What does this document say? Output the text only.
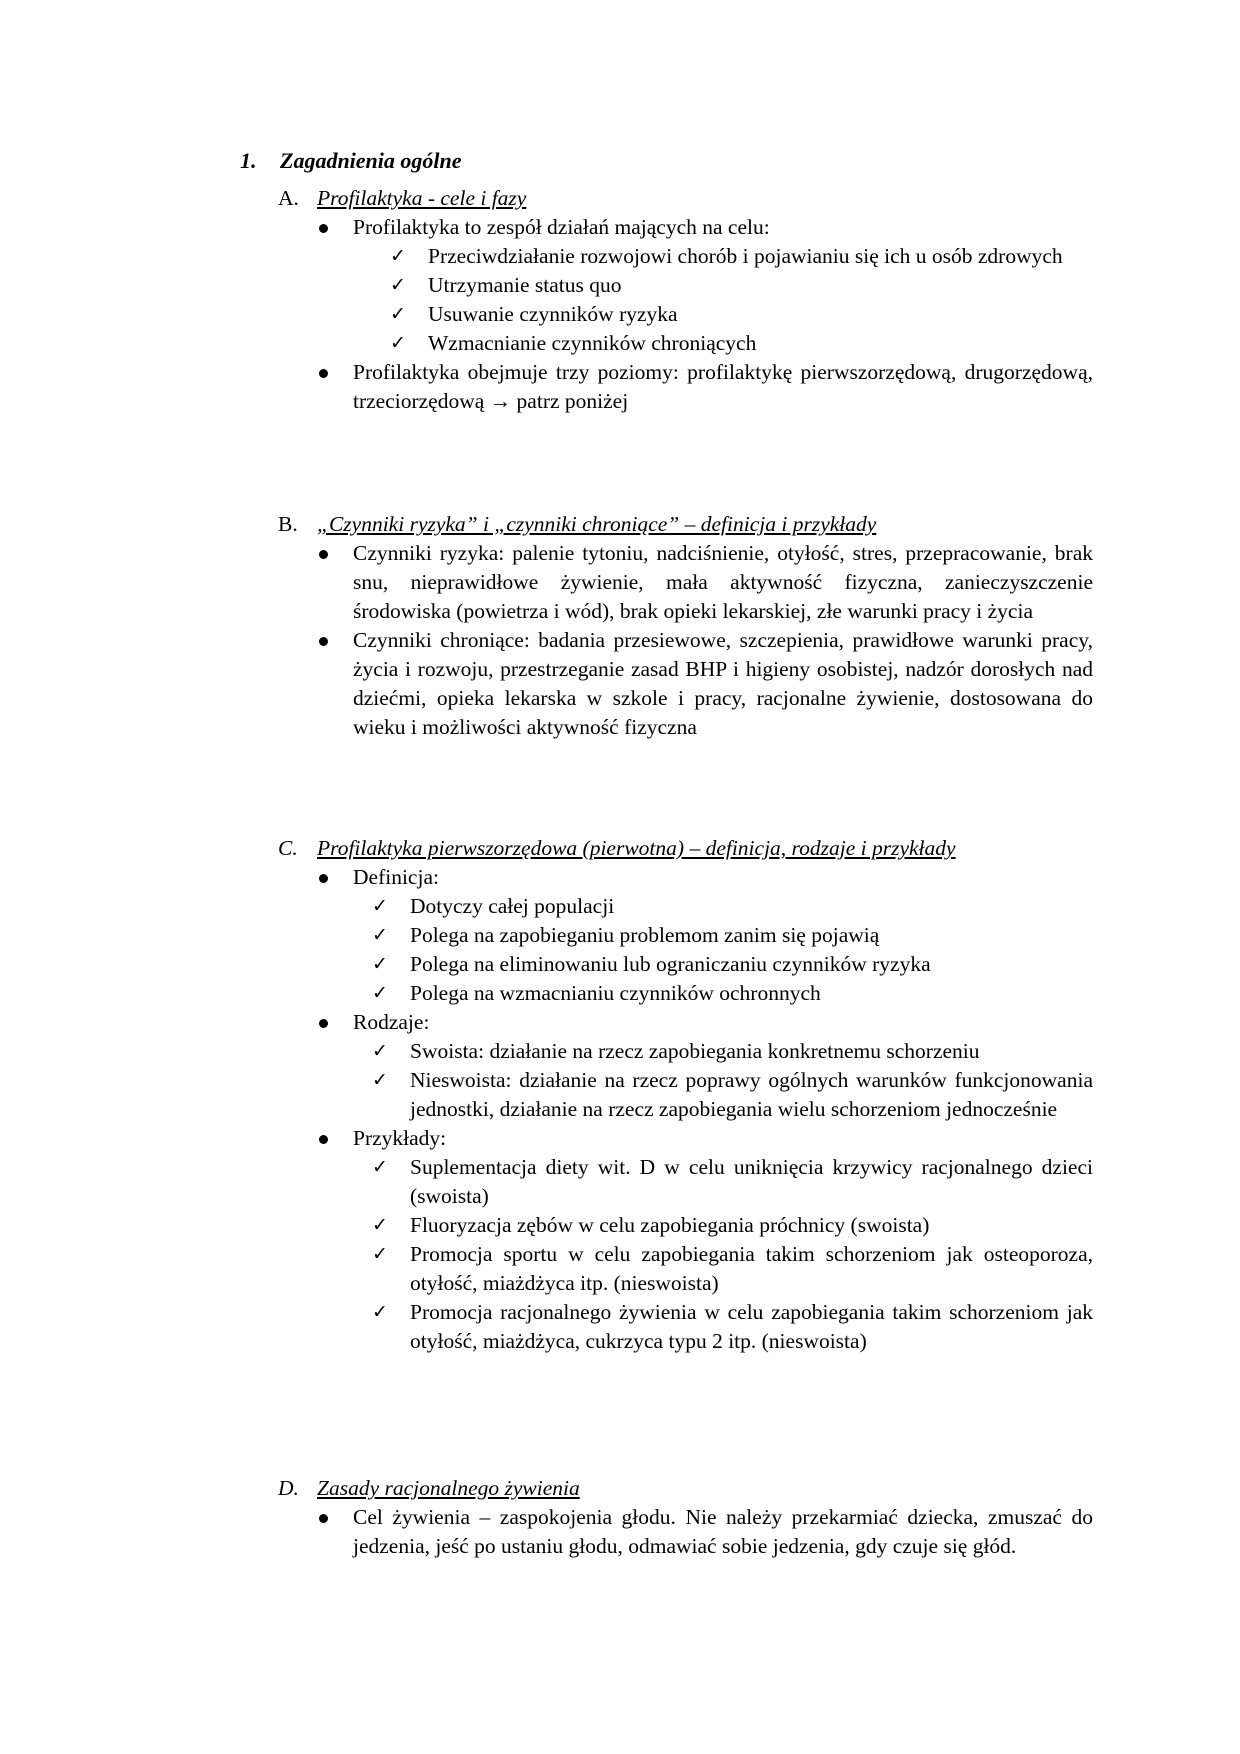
1. Zagadnienia ogólne
A. Profilaktyka - cele i fazy
Profilaktyka to zespół działań mających na celu:
✓ Przeciwdziałanie rozwojowi chorób i pojawianiu się ich u osób zdrowych
✓ Utrzymanie status quo
✓ Usuwanie czynników ryzyka
✓ Wzmacnianie czynników chroniących
Profilaktyka obejmuje trzy poziomy: profilaktykę pierwszorzędową, drugorzędową, trzeciorzędową → patrz poniżej
B. „Czynniki ryzyka” i „czynniki chroniące” – definicja i przykłady
Czynniki ryzyka: palenie tytoniu, nadciśnienie, otyłość, stres, przepracowanie, brak snu, nieprawidłowe żywienie, mała aktywność fizyczna, zanieczyszczenie środowiska (powietrza i wód), brak opieki lekarskiej, złe warunki pracy i życia
Czynniki chroniące: badania przesiewowe, szczepienia, prawidłowe warunki pracy, życia i rozwoju, przestrzeganie zasad BHP i higieny osobistej, nadzór dorosłych nad dziećmi, opieka lekarska w szkole i pracy, racjonalne żywienie, dostosowana do wieku i możliwości aktywność fizyczna
C. Profilaktyka pierwszorzędowa (pierwotna) – definicja, rodzaje i przykłady
Definicja:
✓ Dotyczy całej populacji
✓ Polega na zapobieganiu problemom zanim się pojawią
✓ Polega na eliminowaniu lub ograniczaniu czynników ryzyka
✓ Polega na wzmacnianiu czynników ochronnych
Rodzaje:
✓ Swoista: działanie na rzecz zapobiegania konkretnemu schorzeniu
✓ Nieswoista: działanie na rzecz poprawy ogólnych warunków funkcjonowania jednostki, działanie na rzecz zapobiegania wielu schorzeniom jednocześnie
Przykłady:
✓ Suplementacja diety wit. D w celu uniknięcia krzywicy racjonalnego dzieci (swoista)
✓ Fluoryzacja zębów w celu zapobiegania próchnicy (swoista)
✓ Promocja sportu w celu zapobiegania takim schorzeniom jak osteoporoza, otyłość, miażdżyca itp. (nieswoista)
✓ Promocja racjonalnego żywienia w celu zapobiegania takim schorzeniom jak otyłość, miażdżyca, cukrzyca typu 2 itp. (nieswoista)
D. Zasady racjonalnego żywienia
Cel żywienia – zaspokojenia głodu. Nie należy przekarmiać dziecka, zmuszać do jedzenia, jeść po ustaniu głodu, odmawiać sobie jedzenia, gdy czuje się głód.
